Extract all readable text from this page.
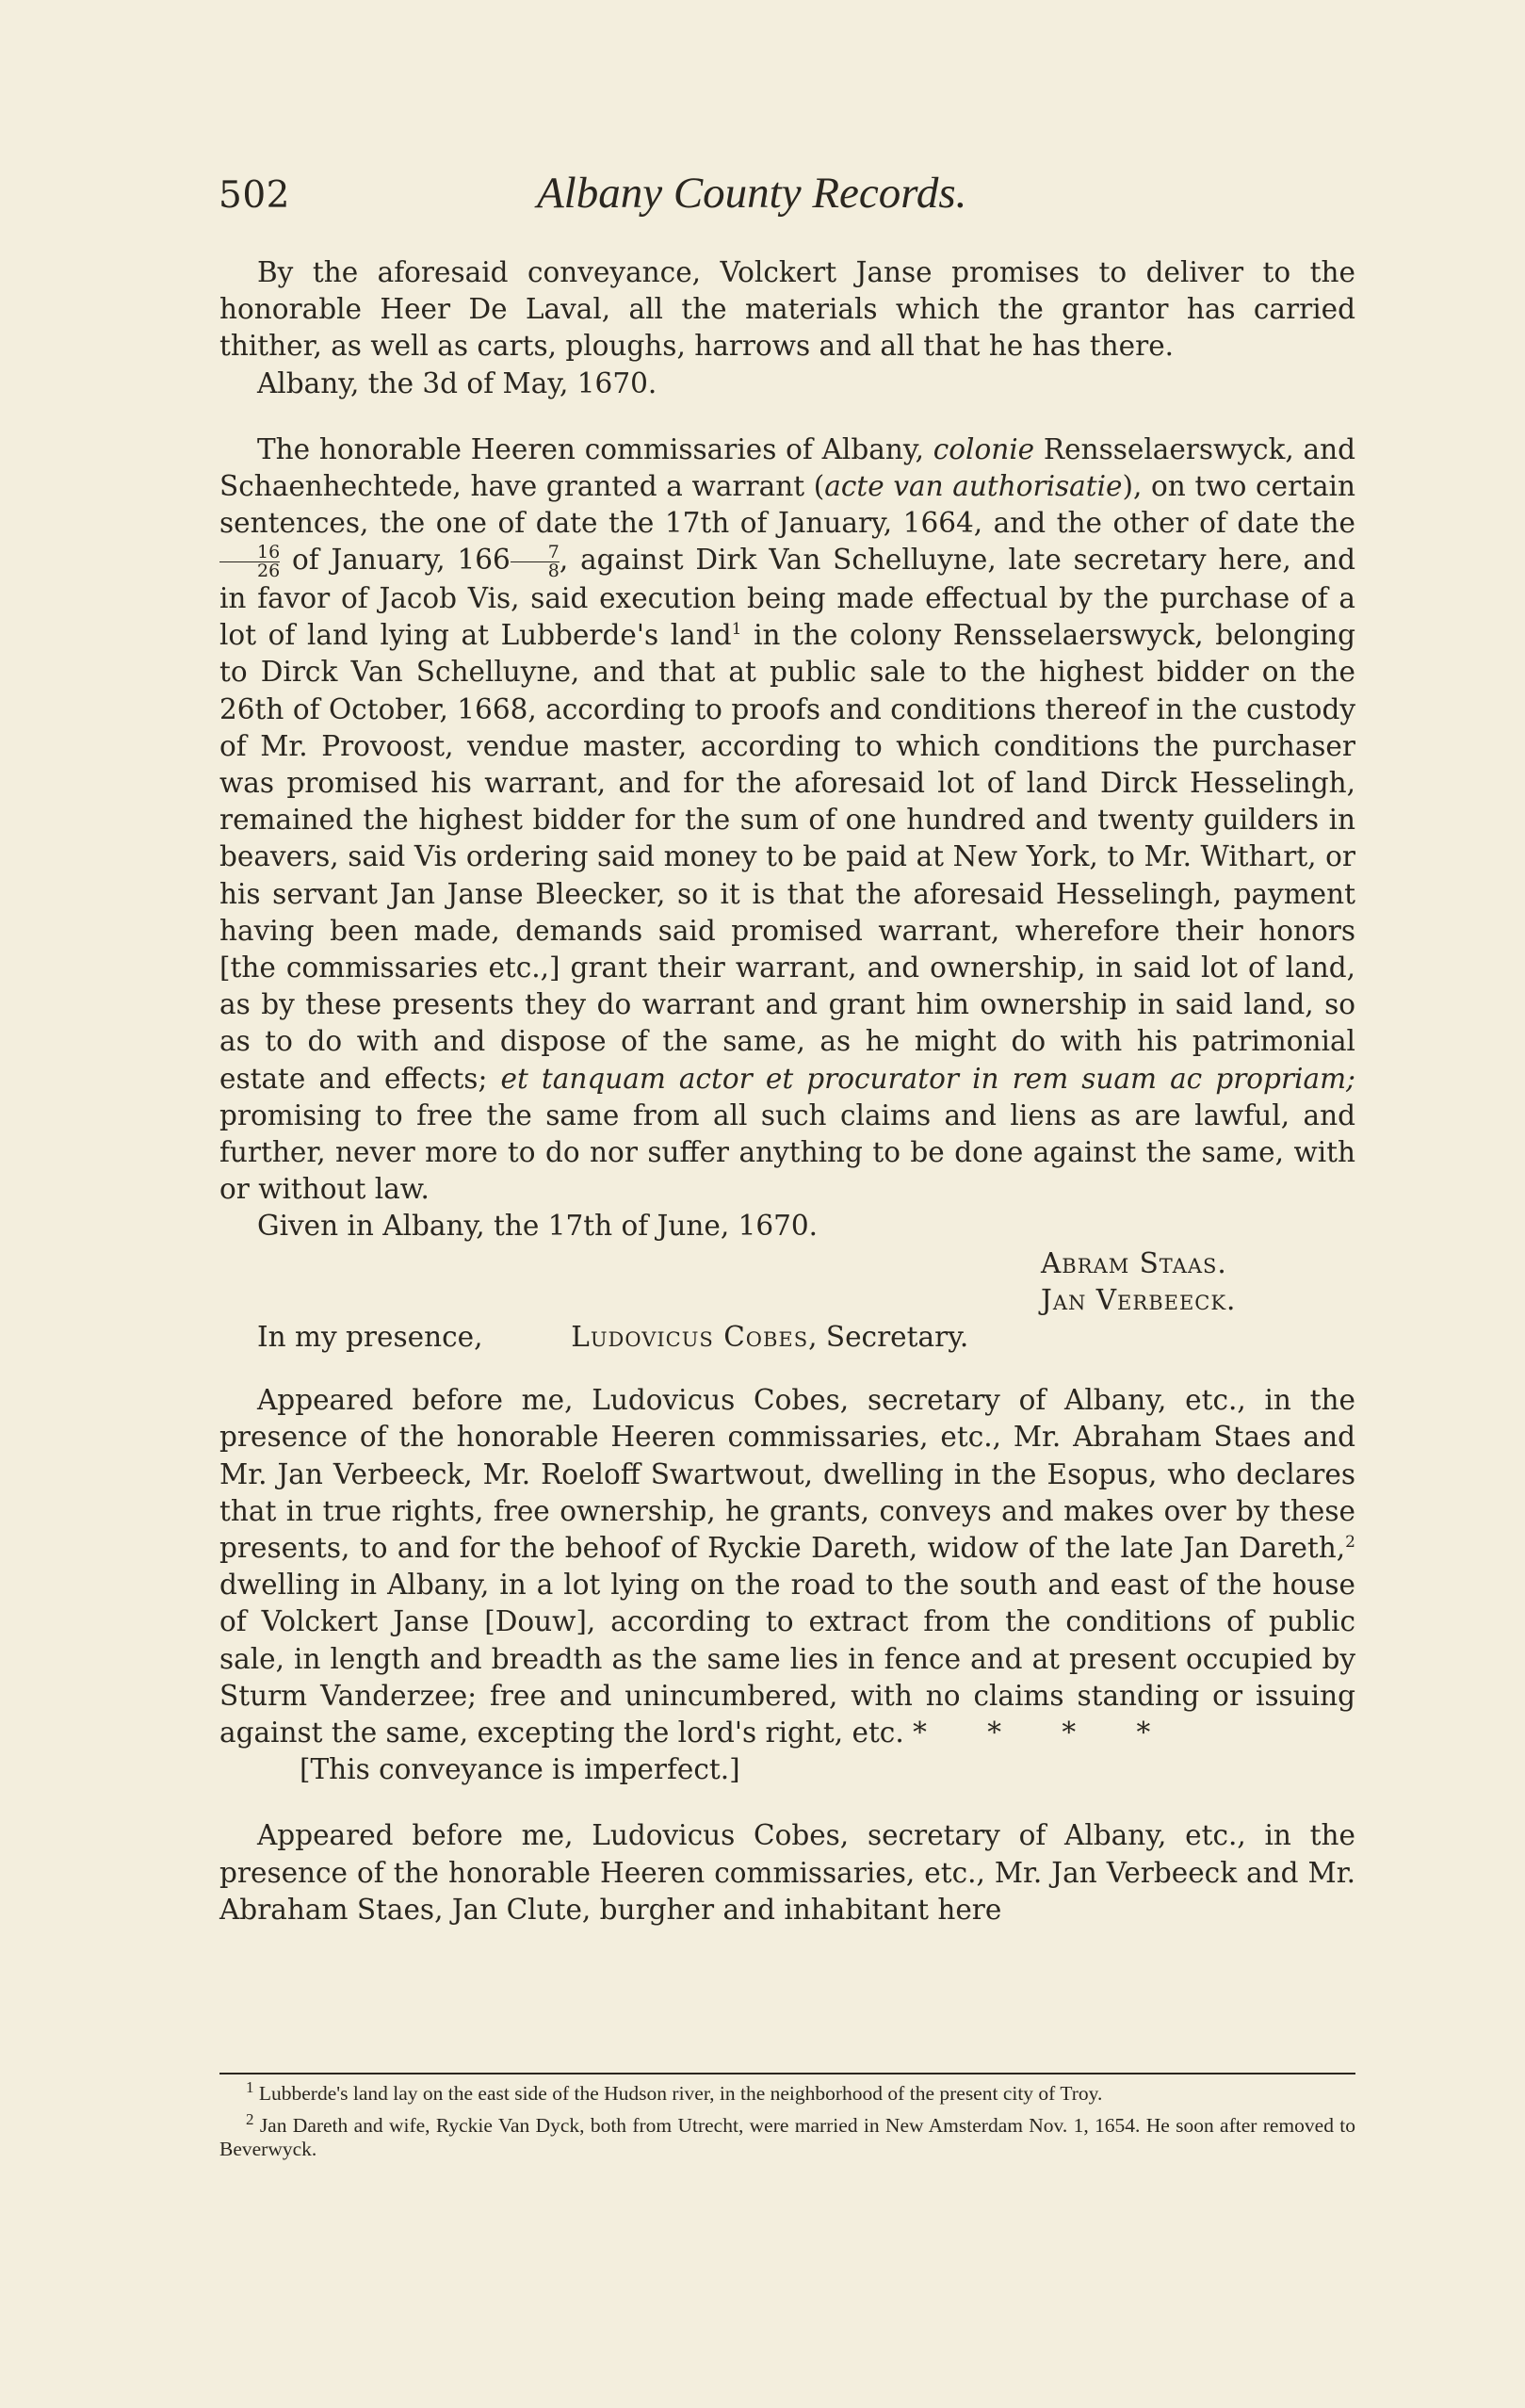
502	Albany County Records.

By the aforesaid conveyance, Volckert Janse promises to deliver to the honorable Heer De Laval, all the materials which the grantor has carried thither, as well as carts, ploughs, harrows and all that he has there.

Albany, the 3d of May, 1670.

The honorable Heeren commissaries of Albany, colonie Rensselaerswyck, and Schaenhechtede, have granted a warrant (acte van authorisatie), on two certain sentences, the one of date the 17th of January, 1664, and the other of date the
$\frac{16}{26}$ of January, $166 \frac{7}{8}$ , against Dirk Van Schelluyne, late secretary here, and in favor of Jacob Vis, said execution being made effectual by the purchase of a lot of land lying at Lubberde's land$^1$ in the colony Rensselaerswyck, belonging to Dirck Van Schelluyne, and that at public sale to the highest bidder on the 26th of October, 1668, according to proofs and conditions thereof in the custody of Mr. Provoost, vendue master, according to which conditions the purchaser was promised his warrant, and for the aforesaid lot of land Dirck Hesselingh, remained the highest bidder for the sum of one hundred and twenty guilders in beavers, said Vis ordering said money to be paid at New York, to Mr. Withart, or his servant Jan Janse Bleecker, so it is that the aforesaid Hesselingh, payment having been made, demands said promised warrant, wherefore their honors [the commissaries etc.,] grant their warrant, and ownership, in said lot of land, as by these presents they do warrant and grant him ownership in said land, so as to do with and dispose of the same, as he might do with his patrimonial estate and effects; et tanquam actor et procurator in rem suam ac propriam; promising to free the same from all such claims and liens as are lawful, and further, never more to do nor suffer anything to be done against the same, with or without law.

Given in Albany, the 17th of June, 1670.

Abram Staas.

Jan Verbeeck.

In my presence,	Ludovicus Cobes, Secretary.

Appeared before me, Ludovicus Cobes, secretary of Albany, etc., in the presence of the honorable Heeren commissaries, etc., Mr. Abraham Staes and Mr. Jan Verbeeck, Mr. Roeloff Swartwout, dwelling in the Esopus, who declares that in true rights, free ownership, he grants, conveys and makes over by these presents, to and for the behoof of Ryckie Dareth, widow of the late Jan Dareth,$^2$ dwelling in Albany, in a lot lying on the road to the south and east of the house of Volckert Janse [Douw], according to extract from the conditions of public sale, in length and breadth as the same lies in fence and at present occupied by Sturm Vanderzee; free and unincumbered, with no claims standing or issuing against the same, excepting the lord's right, etc. * * * *

[This conveyance is imperfect.]

Appeared before me, Ludovicus Cobes, secretary of Albany, etc., in the presence of the honorable Heeren commissaries, etc., Mr. Jan Verbeeck and Mr. Abraham Staes, Jan Clute, burgher and inhabitant here

$^1$ Lubberde's land lay on the east side of the Hudson river, in the neighborhood of the present city of Troy.

$^2$ Jan Dareth and wife, Ryckie Van Dyck, both from Utrecht, were married in New Amsterdam Nov. 1, 1654. He soon after removed to Beverwyck.
